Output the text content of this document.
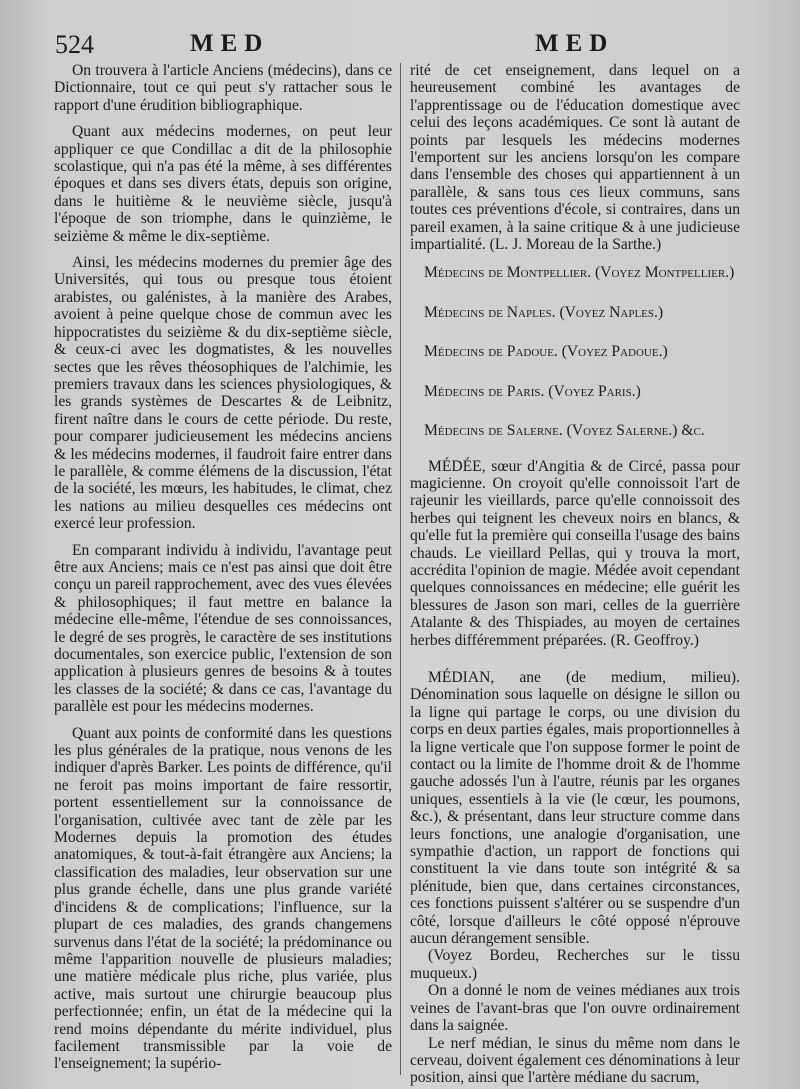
524	MED	MED

On trouvera à l'article Anciens (médecins), dans ce Dictionnaire, tout ce qui peut s'y rattacher sous le rapport d'une érudition bibliographique.

Quant aux médecins modernes, on peut leur appliquer ce que Condillac a dit de la philosophie scolastique, qui n'a pas été la même, à ses différentes époques et dans ses divers états, depuis son origine, dans le huitième & le neuvième siècle, jusqu'à l'époque de son triomphe, dans le quinzième, le seizième & même le dix-septième.

Ainsi, les médecins modernes du premier âge des Universités, qui tous ou presque tous étoient arabistes, ou galénistes, à la manière des Arabes, avoient à peine quelque chose de commun avec les hippocratistes du seizième & du dix-septième siècle, & ceux-ci avec les dogmatistes, & les nouvelles sectes que les rêves théosophiques de l'alchimie, les premiers travaux dans les sciences physiologiques, & les grands systèmes de Descartes & de Leibnitz, firent naître dans le cours de cette période. Du reste, pour comparer judicieusement les médecins anciens & les médecins modernes, il faudroit faire entrer dans le parallèle, & comme élémens de la discussion, l'état de la société, les mœurs, les habitudes, le climat, chez les nations au milieu desquelles ces médecins ont exercé leur profession.

En comparant individu à individu, l'avantage peut être aux Anciens; mais ce n'est pas ainsi que doit être conçu un pareil rapprochement, avec des vues élevées & philosophiques; il faut mettre en balance la médecine elle-même, l'étendue de ses connoissances, le degré de ses progrès, le caractère de ses institutions documentales, son exercice public, l'extension de son application à plusieurs genres de besoins & à toutes les classes de la société; & dans ce cas, l'avantage du parallèle est pour les médecins modernes.

Quant aux points de conformité dans les questions les plus générales de la pratique, nous venons de les indiquer d'après Barker. Les points de différence, qu'il ne feroit pas moins important de faire ressortir, portent essentiellement sur la connoissance de l'organisation, cultivée avec tant de zèle par les Modernes depuis la promotion des études anatomiques, & tout-à-fait étrangère aux Anciens; la classification des maladies, leur observation sur une plus grande échelle, dans une plus grande variété d'incidens & de complications; l'influence, sur la plupart de ces maladies, des grands changemens survenus dans l'état de la société; la prédominance ou même l'apparition nouvelle de plusieurs maladies; une matière médicale plus riche, plus variée, plus active, mais surtout une chirurgie beaucoup plus perfectionnée; enfin, un état de la médecine qui la rend moins dépendante du mérite individuel, plus facilement transmissible par la voie de l'enseignement; la supério-

rité de cet enseignement, dans lequel on a heureusement combiné les avantages de l'apprentissage ou de l'éducation domestique avec celui des leçons académiques. Ce sont là autant de points par lesquels les médecins modernes l'emportent sur les anciens lorsqu'on les compare dans l'ensemble des choses qui appartiennent à un parallèle, & sans tous ces lieux communs, sans toutes ces préventions d'école, si contraires, dans un pareil examen, à la saine critique & à une judicieuse impartialité. (L. J. Moreau de la Sarthe.)

Médecins de Montpellier. (Voyez Montpellier.)

Médecins de Naples. (Voyez Naples.)

Médecins de Padoue. (Voyez Padoue.)

Médecins de Paris. (Voyez Paris.)

Médecins de Salerne. (Voyez Salerne.) &c.

MÉDÉE, sœur d'Angitia & de Circé, passa pour magicienne. On croyoit qu'elle connoissoit l'art de rajeunir les vieillards, parce qu'elle connoissoit des herbes qui teignent les cheveux noirs en blancs, & qu'elle fut la première qui conseilla l'usage des bains chauds. Le vieillard Pellas, qui y trouva la mort, accrédita l'opinion de magie. Médée avoit cependant quelques connoissances en médecine; elle guérit les blessures de Jason son mari, celles de la guerrière Atalante & des Thispiades, au moyen de certaines herbes différemment préparées. (R. Geoffroy.)

MÉDIAN, ane (de medium, milieu). Dénomination sous laquelle on désigne le sillon ou la ligne qui partage le corps, ou une division du corps en deux parties égales, mais proportionnelles à la ligne verticale que l'on suppose former le point de contact ou la limite de l'homme droit & de l'homme gauche adossés l'un à l'autre, réunis par les organes uniques, essentiels à la vie (le cœur, les poumons, &c.), & présentant, dans leur structure comme dans leurs fonctions, une analogie d'organisation, une sympathie d'action, un rapport de fonctions qui constituent la vie dans toute son intégrité & sa plénitude, bien que, dans certaines circonstances, ces fonctions puissent s'altérer ou se suspendre d'un côté, lorsque d'ailleurs le côté opposé n'éprouve aucun dérangement sensible.

(Voyez Bordeu, Recherches sur le tissu muqueux.)

On a donné le nom de veines médianes aux trois veines de l'avant-bras que l'on ouvre ordinairement dans la saignée.

Le nerf médian, le sinus du même nom dans le cerveau, doivent également ces dénominations à leur position, ainsi que l'artère médiane du sacrum,
